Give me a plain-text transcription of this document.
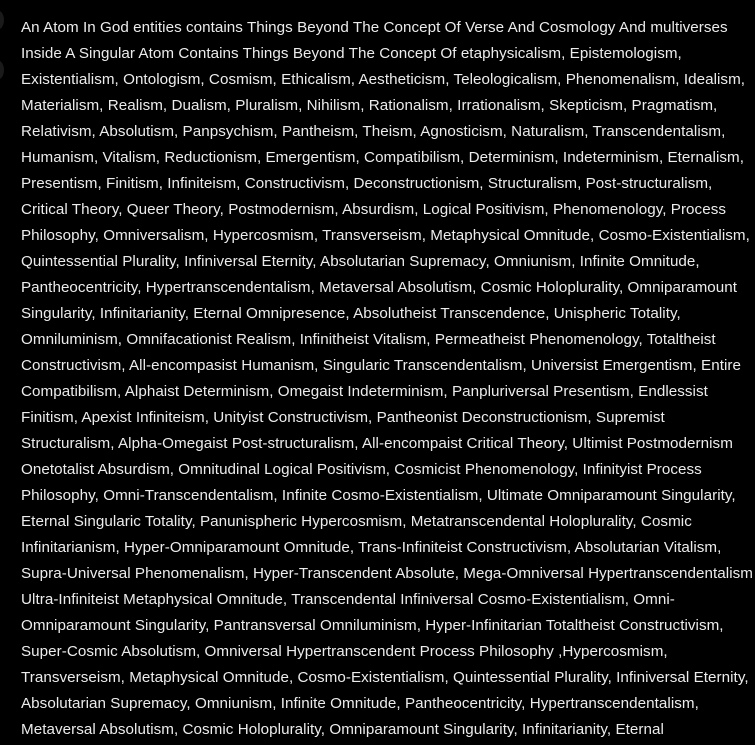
An Atom In God entities contains Things Beyond The Concept Of Verse And Cosmology And multiverses
Inside A Singular Atom Contains Things Beyond The Concept Of etaphysicalism, Epistemologism,
Existentialism, Ontologism, Cosmism, Ethicalism, Aestheticism, Teleologicalism, Phenomenalism, Idealism,
Materialism, Realism, Dualism, Pluralism, Nihilism, Rationalism, Irrationalism, Skepticism, Pragmatism,
Relativism, Absolutism, Panpsychism, Pantheism, Theism, Agnosticism, Naturalism, Transcendentalism,
Humanism, Vitalism, Reductionism, Emergentism, Compatibilism, Determinism, Indeterminism, Eternalism,
Presentism, Finitism, Infiniteism, Constructivism, Deconstructionism, Structuralism, Post-structuralism,
Critical Theory, Queer Theory, Postmodernism, Absurdism, Logical Positivism, Phenomenology, Process
Philosophy, Omniversalism, Hypercosmism, Transverseism, Metaphysical Omnitude, Cosmo-Existentialism,
Quintessential Plurality, Infiniversal Eternity, Absolutarian Supremacy, Omniunism, Infinite Omnitude,
Pantheocentricity, Hypertranscendentalism, Metaversal Absolutism, Cosmic Holoplurality, Omniparamount
Singularity, Infinitarianity, Eternal Omnipresence, Absolutheist Transcendence, Unispheric Totality,
Omniluminism, Omnifacationist Realism, Infinitheist Vitalism, Permeatheist Phenomenology, Totaltheist
Constructivism, All-encompasist Humanism, Singularic Transcendentalism, Universist Emergentism, Entire
Compatibilism, Alphaist Determinism, Omegaist Indeterminism, Panpluriversal Presentism, Endlessist
Finitism, Apexist Infiniteism, Unityist Constructivism, Pantheonist Deconstructionism, Supremist
Structuralism, Alpha-Omegaist Post-structuralism, All-encompaist Critical Theory, Ultimist Postmodernism
Onetotalist Absurdism, Omnitudinal Logical Positivism, Cosmicist Phenomenology, Infinityist Process
Philosophy, Omni-Transcendentalism, Infinite Cosmo-Existentialism, Ultimate Omniparamount Singularity,
Eternal Singularic Totality, Panunispheric Hypercosmism, Metatranscendental Holoplurality, Cosmic
Infinitarianism, Hyper-Omniparamount Omnitude, Trans-Infiniteist Constructivism, Absolutarian Vitalism,
Supra-Universal Phenomenalism, Hyper-Transcendent Absolute, Mega-Omniversal Hypertranscendentalism
Ultra-Infiniteist Metaphysical Omnitude, Transcendental Infiniversal Cosmo-Existentialism, Omni-
Omniparamount Singularity, Pantransversal Omniluminism, Hyper-Infinitarian Totaltheist Constructivism,
Super-Cosmic Absolutism, Omniversal Hypertranscendent Process Philosophy ,Hypercosmism,
Transverseism, Metaphysical Omnitude, Cosmo-Existentialism, Quintessential Plurality, Infiniversal Eternity,
Absolutarian Supremacy, Omniunism, Infinite Omnitude, Pantheocentricity, Hypertranscendentalism,
Metaversal Absolutism, Cosmic Holoplurality, Omniparamount Singularity, Infinitarianity, Eternal
